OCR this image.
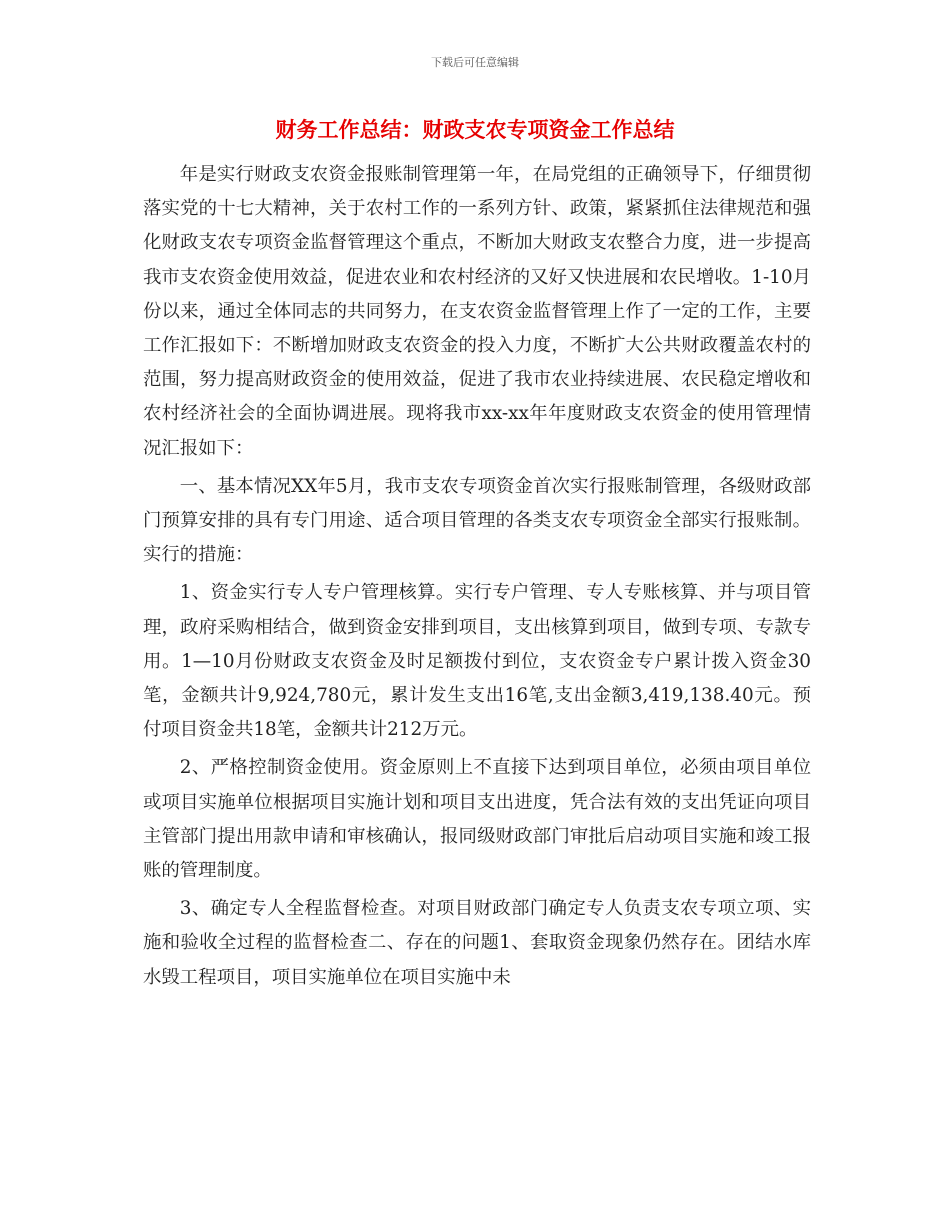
下载后可任意编辑
财务工作总结：财政支农专项资金工作总结

年是实行财政支农资金报账制管理第一年，在局党组的正确领导下，仔细贯彻落实党的十七大精神，关于农村工作的一系列方针、政策，紧紧抓住法律规范和强化财政支农专项资金监督管理这个重点，不断加大财政支农整合力度，进一步提高我市支农资金使用效益，促进农业和农村经济的又好又快进展和农民增收。1-10月份以来，通过全体同志的共同努力，在支农资金监督管理上作了一定的工作，主要工作汇报如下：不断增加财政支农资金的投入力度，不断扩大公共财政覆盖农村的范围，努力提高财政资金的使用效益，促进了我市农业持续进展、农民稳定增收和农村经济社会的全面协调进展。现将我市xx-xx年年度财政支农资金的使用管理情况汇报如下：

一、基本情况XX年5月，我市支农专项资金首次实行报账制管理，各级财政部门预算安排的具有专门用途、适合项目管理的各类支农专项资金全部实行报账制。实行的措施：

1、资金实行专人专户管理核算。实行专户管理、专人专账核算、并与项目管理，政府采购相结合，做到资金安排到项目，支出核算到项目，做到专项、专款专用。1—10月份财政支农资金及时足额拨付到位，支农资金专户累计拨入资金30笔，金额共计9,924,780元，累计发生支出16笔,支出金额3,419,138.40元。预付项目资金共18笔，金额共计212万元。

2、严格控制资金使用。资金原则上不直接下达到项目单位，必须由项目单位或项目实施单位根据项目实施计划和项目支出进度，凭合法有效的支出凭证向项目主管部门提出用款申请和审核确认，报同级财政部门审批后启动项目实施和竣工报账的管理制度。

3、确定专人全程监督检查。对项目财政部门确定专人负责支农专项立项、实施和验收全过程的监督检查二、存在的问题1、套取资金现象仍然存在。团结水库水毁工程项目，项目实施单位在项目实施中未
